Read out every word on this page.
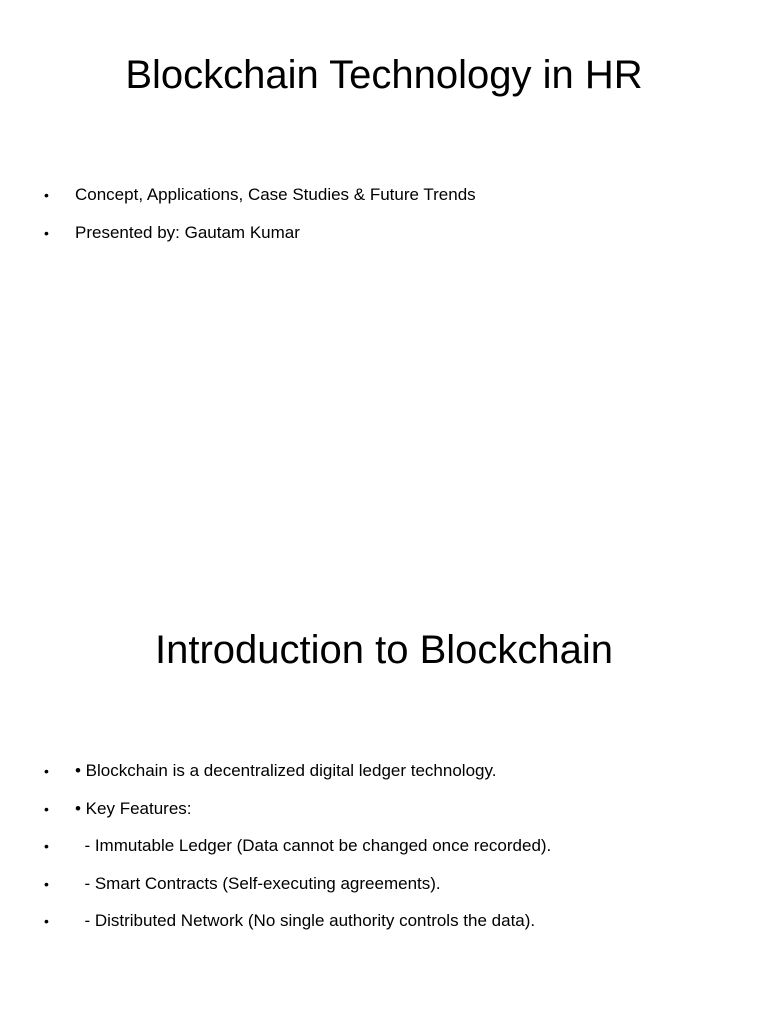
Blockchain Technology in HR

•

	Concept, Applications, Case Studies & Future Trends

•

	Presented by: Gautam Kumar

Introduction to Blockchain

•

	• Blockchain is a decentralized digital ledger technology.

•

	• Key Features:

•

	- Immutable Ledger (Data cannot be changed once recorded).

•

	- Smart Contracts (Self-executing agreements).

•

	- Distributed Network (No single authority controls the data).
